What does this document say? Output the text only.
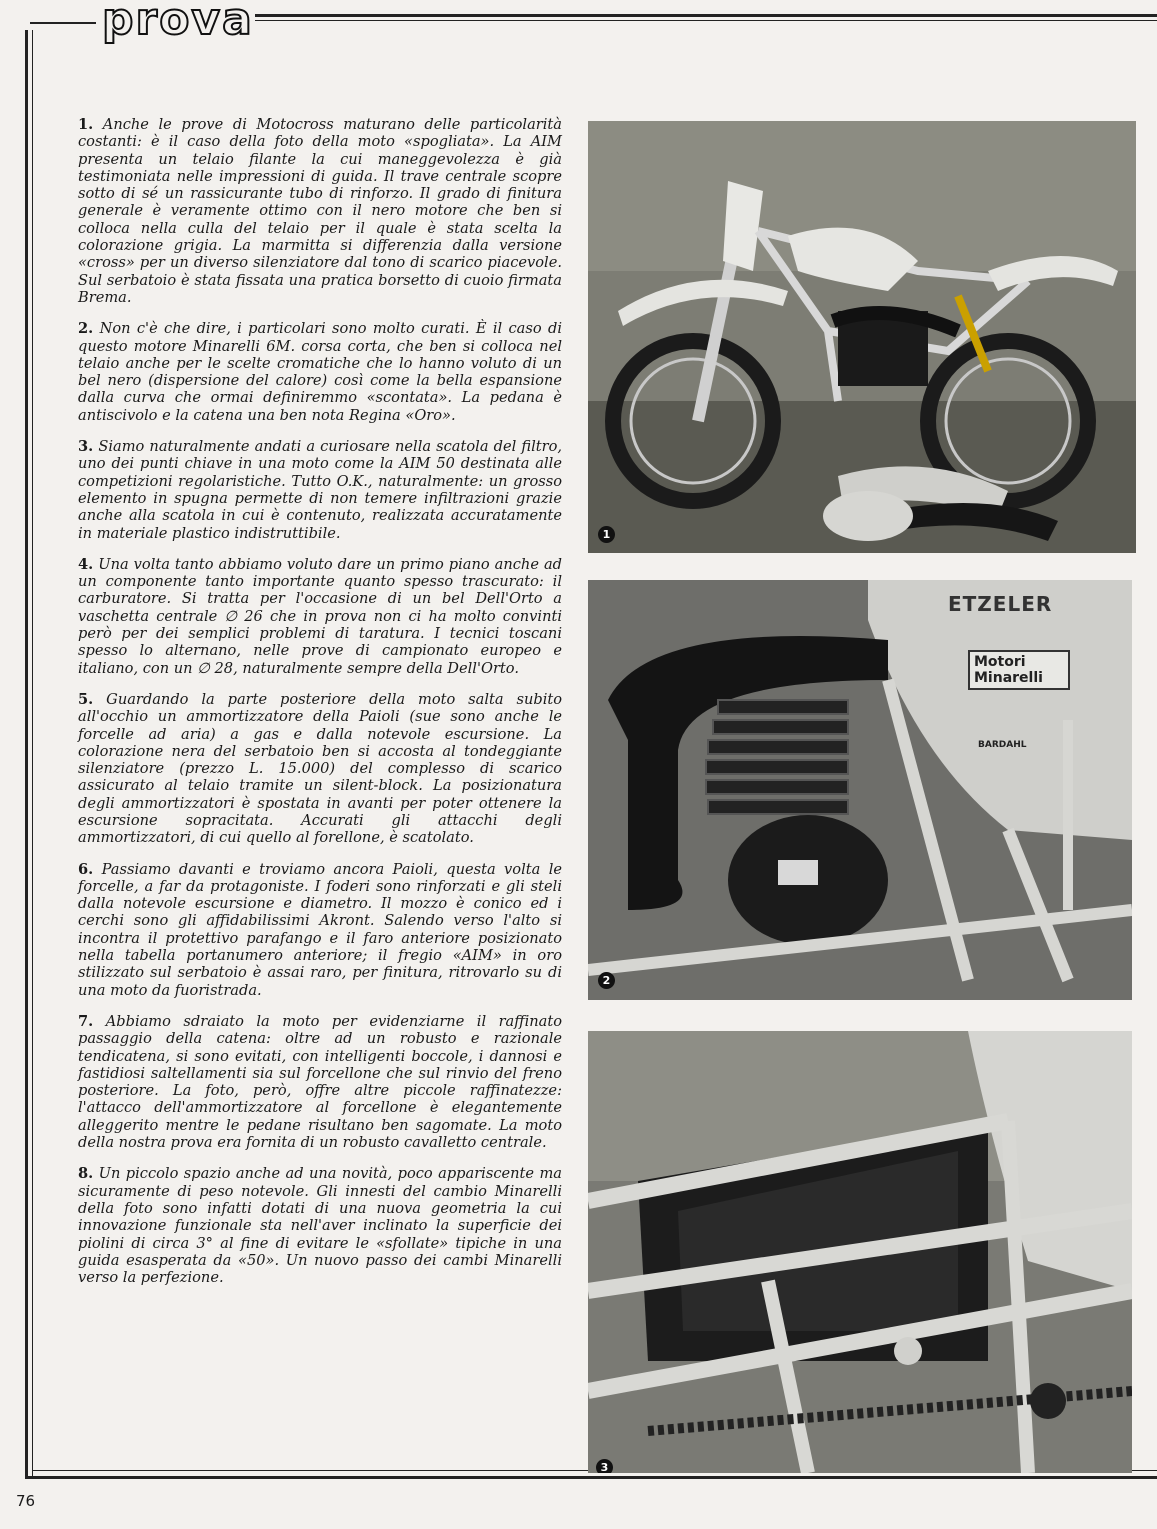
prova

1. Anche le prove di Motocross maturano delle particolarità costanti: è il caso della foto della moto «spogliata». La AIM presenta un telaio filante la cui maneggevolezza è già testimoniata nelle impressioni di guida. Il trave centrale scopre sotto di sé un rassicurante tubo di rinforzo. Il grado di finitura generale è veramente ottimo con il nero motore che ben si colloca nella culla del telaio per il quale è stata scelta la colorazione grigia. La marmitta si differenzia dalla versione «cross» per un diverso silenziatore dal tono di scarico piacevole. Sul serbatoio è stata fissata una pratica borsetto di cuoio firmata Brema.

2. Non c'è che dire, i particolari sono molto curati. È il caso di questo motore Minarelli 6M. corsa corta, che ben si colloca nel telaio anche per le scelte cromatiche che lo hanno voluto di un bel nero (dispersione del calore) così come la bella espansione dalla curva che ormai definiremmo «scontata». La pedana è antiscivolo e la catena una ben nota Regina «Oro».

3. Siamo naturalmente andati a curiosare nella scatola del filtro, uno dei punti chiave in una moto come la AIM 50 destinata alle competizioni regolaristiche. Tutto O.K., naturalmente: un grosso elemento in spugna permette di non temere infiltrazioni grazie anche alla scatola in cui è contenuto, realizzata accuratamente in materiale plastico indistruttibile.

4. Una volta tanto abbiamo voluto dare un primo piano anche ad un componente tanto importante quanto spesso trascurato: il carburatore. Si tratta per l'occasione di un bel Dell'Orto a vaschetta centrale ∅ 26 che in prova non ci ha molto convinti però per dei semplici problemi di taratura. I tecnici toscani spesso lo alternano, nelle prove di campionato europeo e italiano, con un ∅ 28, naturalmente sempre della Dell'Orto.

5. Guardando la parte posteriore della moto salta subito all'occhio un ammortizzatore della Paioli (sue sono anche le forcelle ad aria) a gas e dalla notevole escursione. La colorazione nera del serbatoio ben si accosta al tondeggiante silenziatore (prezzo L. 15.000) del complesso di scarico assicurato al telaio tramite un silent-block. La posizionatura degli ammortizzatori è spostata in avanti per poter ottenere la escursione sopracitata. Accurati gli attacchi degli ammortizzatori, di cui quello al forellone, è scatolato.

6. Passiamo davanti e troviamo ancora Paioli, questa volta le forcelle, a far da protagoniste. I foderi sono rinforzati e gli steli dalla notevole escursione e diametro. Il mozzo è conico ed i cerchi sono gli affidabilissimi Akront. Salendo verso l'alto si incontra il protettivo parafango e il faro anteriore posizionato nella tabella portanumero anteriore; il fregio «AIM» in oro stilizzato sul serbatoio è assai raro, per finitura, ritrovarlo su di una moto da fuoristrada.

7. Abbiamo sdraiato la moto per evidenziarne il raffinato passaggio della catena: oltre ad un robusto e razionale tendicatena, si sono evitati, con intelligenti boccole, i dannosi e fastidiosi saltellamenti sia sul forcellone che sul rinvio del freno posteriore. La foto, però, offre altre piccole raffinatezze: l'attacco dell'ammortizzatore al forcellone è elegantemente alleggerito mentre le pedane risultano ben sagomate. La moto della nostra prova era fornita di un robusto cavalletto centrale.

8. Un piccolo spazio anche ad una novità, poco appariscente ma sicuramente di peso notevole. Gli innesti del cambio Minarelli della foto sono infatti dotati di una nuova geometria la cui innovazione funzionale sta nell'aver inclinato la superficie dei piolini di circa 3° al fine di evitare le «sfollate» tipiche in una guida esasperata da «50». Un nuovo passo dei cambi Minarelli verso la perfezione.

1
ETZELER
Motori
Minarelli
BARDAHL
2
3
76
